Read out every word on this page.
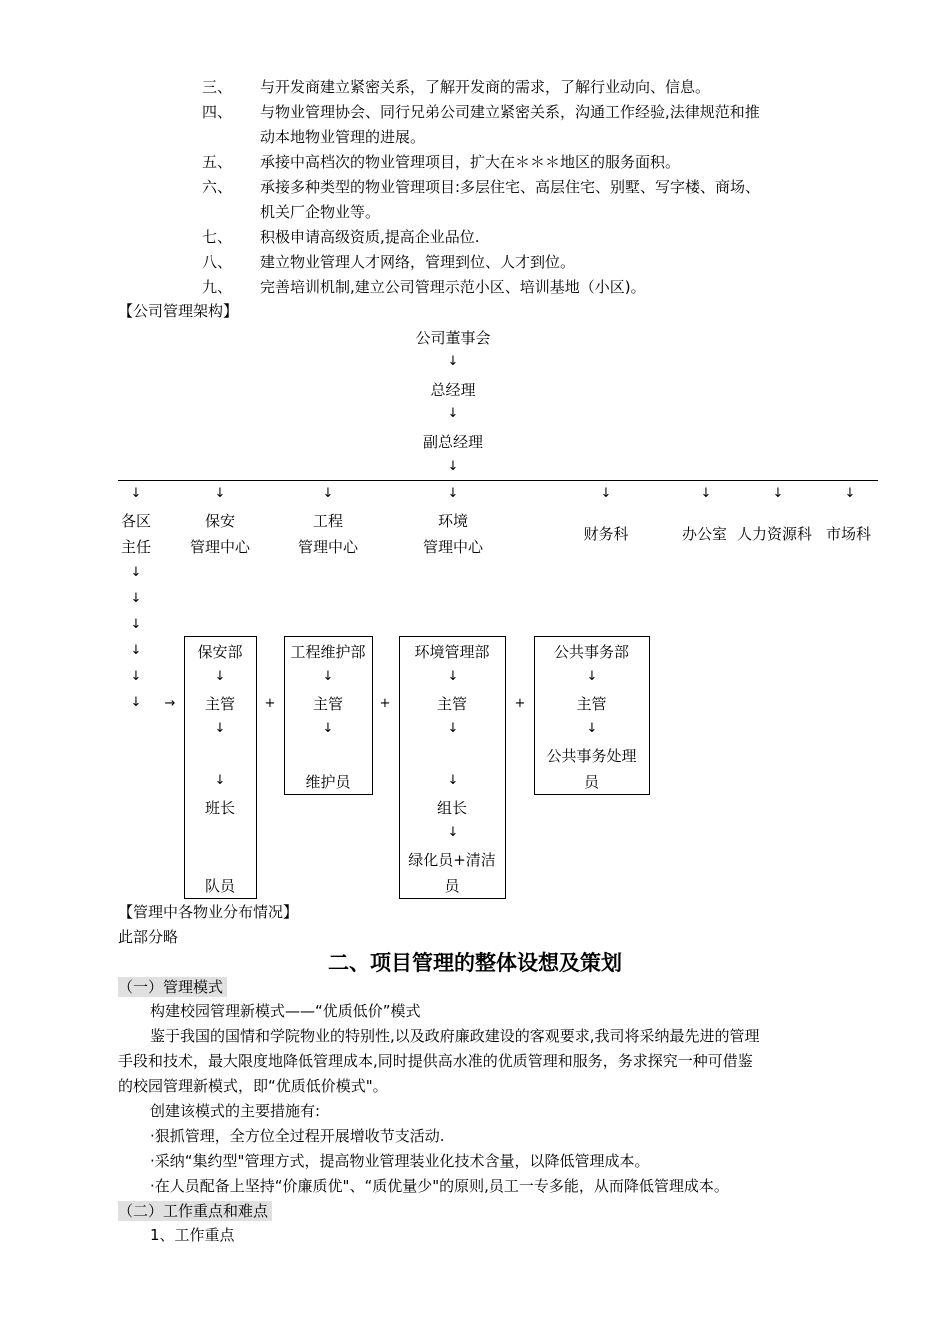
三、 与开发商建立紧密关系，了解开发商的需求，了解行业动向、信息。
四、 与物业管理协会、同行兄弟公司建立紧密关系，沟通工作经验,法律规范和推
动本地物业管理的进展。
五、 承接中高档次的物业管理项目，扩大在＊＊＊地区的服务面积。
六、 承接多种类型的物业管理项目:多层住宅、高层住宅、别墅、写字楼、商场、
机关厂企物业等。
七、 积极申请高级资质,提高企业品位.
八、 建立物业管理人才网络，管理到位、人才到位。
九、 完善培训机制,建立公司管理示范小区、培训基地（小区)。
【公司管理架构】
公司董事会
↓
总经理
↓
副总经理
↓
↓	↓	↓	↓	↓	↓	↓	↓
各区
主任
保安
管理中心
工程
管理中心
环境
管理中心
财务科	办公室 人力资源科 市场科
↓
↓
↓
↓
↓
↓	→	+	+	+
保安部
↓
主管
↓
↓
班长
队员
工程维护部
↓
主管
↓
维护员
环境管理部
↓
主管
↓
↓
组长
↓
绿化员+清洁
员
公共事务部
↓
主管
↓
公共事务处理
员
【管理中各物业分布情况】
此部分略
二、项目管理的整体设想及策划
（一）管理模式
构建校园管理新模式——“优质低价”模式
鉴于我国的国情和学院物业的特别性,以及政府廉政建设的客观要求,我司将采纳最先进的管理
手段和技术，最大限度地降低管理成本,同时提供高水准的优质管理和服务，务求探究一种可借鉴
的校园管理新模式，即“优质低价模式"。
创建该模式的主要措施有:
·狠抓管理，全方位全过程开展增收节支活动.
·采纳“集约型"管理方式，提高物业管理装业化技术含量，以降低管理成本。
·在人员配备上坚持“价廉质优"、“质优量少"的原则,员工一专多能，从而降低管理成本。
（二）工作重点和难点
1、工作重点
